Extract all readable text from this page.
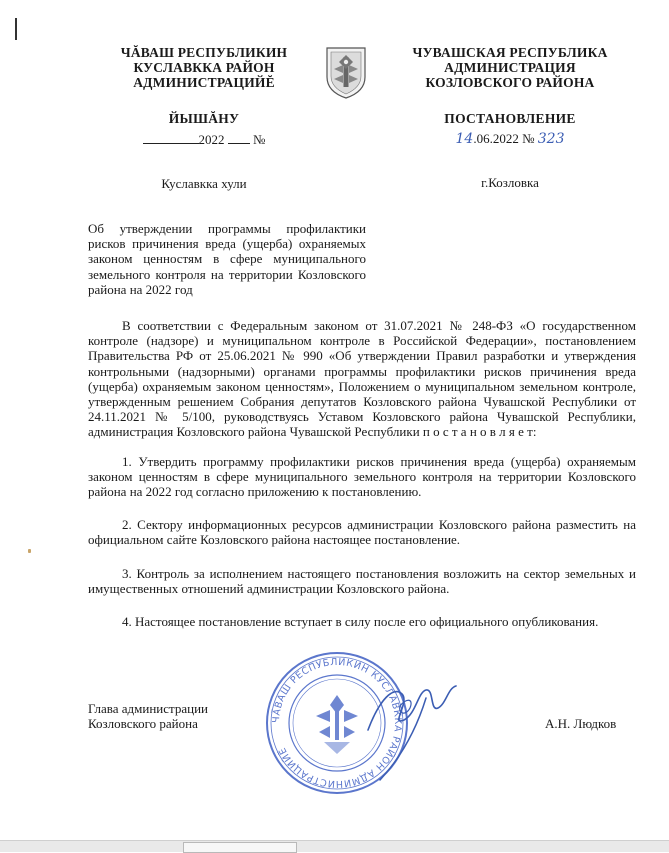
ЧĂВАШ РЕСПУБЛИКИН
КУСЛАВККА РАЙОН
АДМИНИСТРАЦИЙĔ
ЙЫШĂНУ
2022 №
Куславкка хули
ЧУВАШСКАЯ РЕСПУБЛИКА
АДМИНИСТРАЦИЯ
КОЗЛОВСКОГО РАЙОНА
ПОСТАНОВЛЕНИЕ
14.06.2022 № 323
г.Козловка
Об утверждении программы профилактики рисков причинения вреда (ущерба) охраняемых законом ценностям в сфере муниципального земельного контроля на территории Козловского района на 2022 год

В соответствии с Федеральным законом от 31.07.2021 № 248-ФЗ «О государственном контроле (надзоре) и муниципальном контроле в Российской Федерации», постановлением Правительства РФ от 25.06.2021 № 990 «Об утверждении Правил разработки и утверждения контрольными (надзорными) органами программы профилактики рисков причинения вреда (ущерба) охраняемым законом ценностям», Положением о муниципальном земельном контроле, утвержденным решением Собрания депутатов Козловского района Чувашской Республики от 24.11.2021 № 5/100, руководствуясь Уставом Козловского района Чувашской Республики, администрация Козловского района Чувашской Республики п о с т а н о в л я е т:

1. Утвердить программу профилактики рисков причинения вреда (ущерба) охраняемым законом ценностям в сфере муниципального земельного контроля на территории Козловского района на 2022 год согласно приложению к постановлению.

2. Сектору информационных ресурсов администрации Козловского района разместить на официальном сайте Козловского района настоящее постановление.

3. Контроль за исполнением настоящего постановления возложить на сектор земельных и имущественных отношений администрации Козловского района.

4. Настоящее постановление вступает в силу после его официального опубликования.

Глава администрации
Козловского района	А.Н. Людков
ЧĂВАШ РЕСПУБЛИКИН КУСЛАВККА РАЙОН АДМИНИСТРАЦИЙĔ
